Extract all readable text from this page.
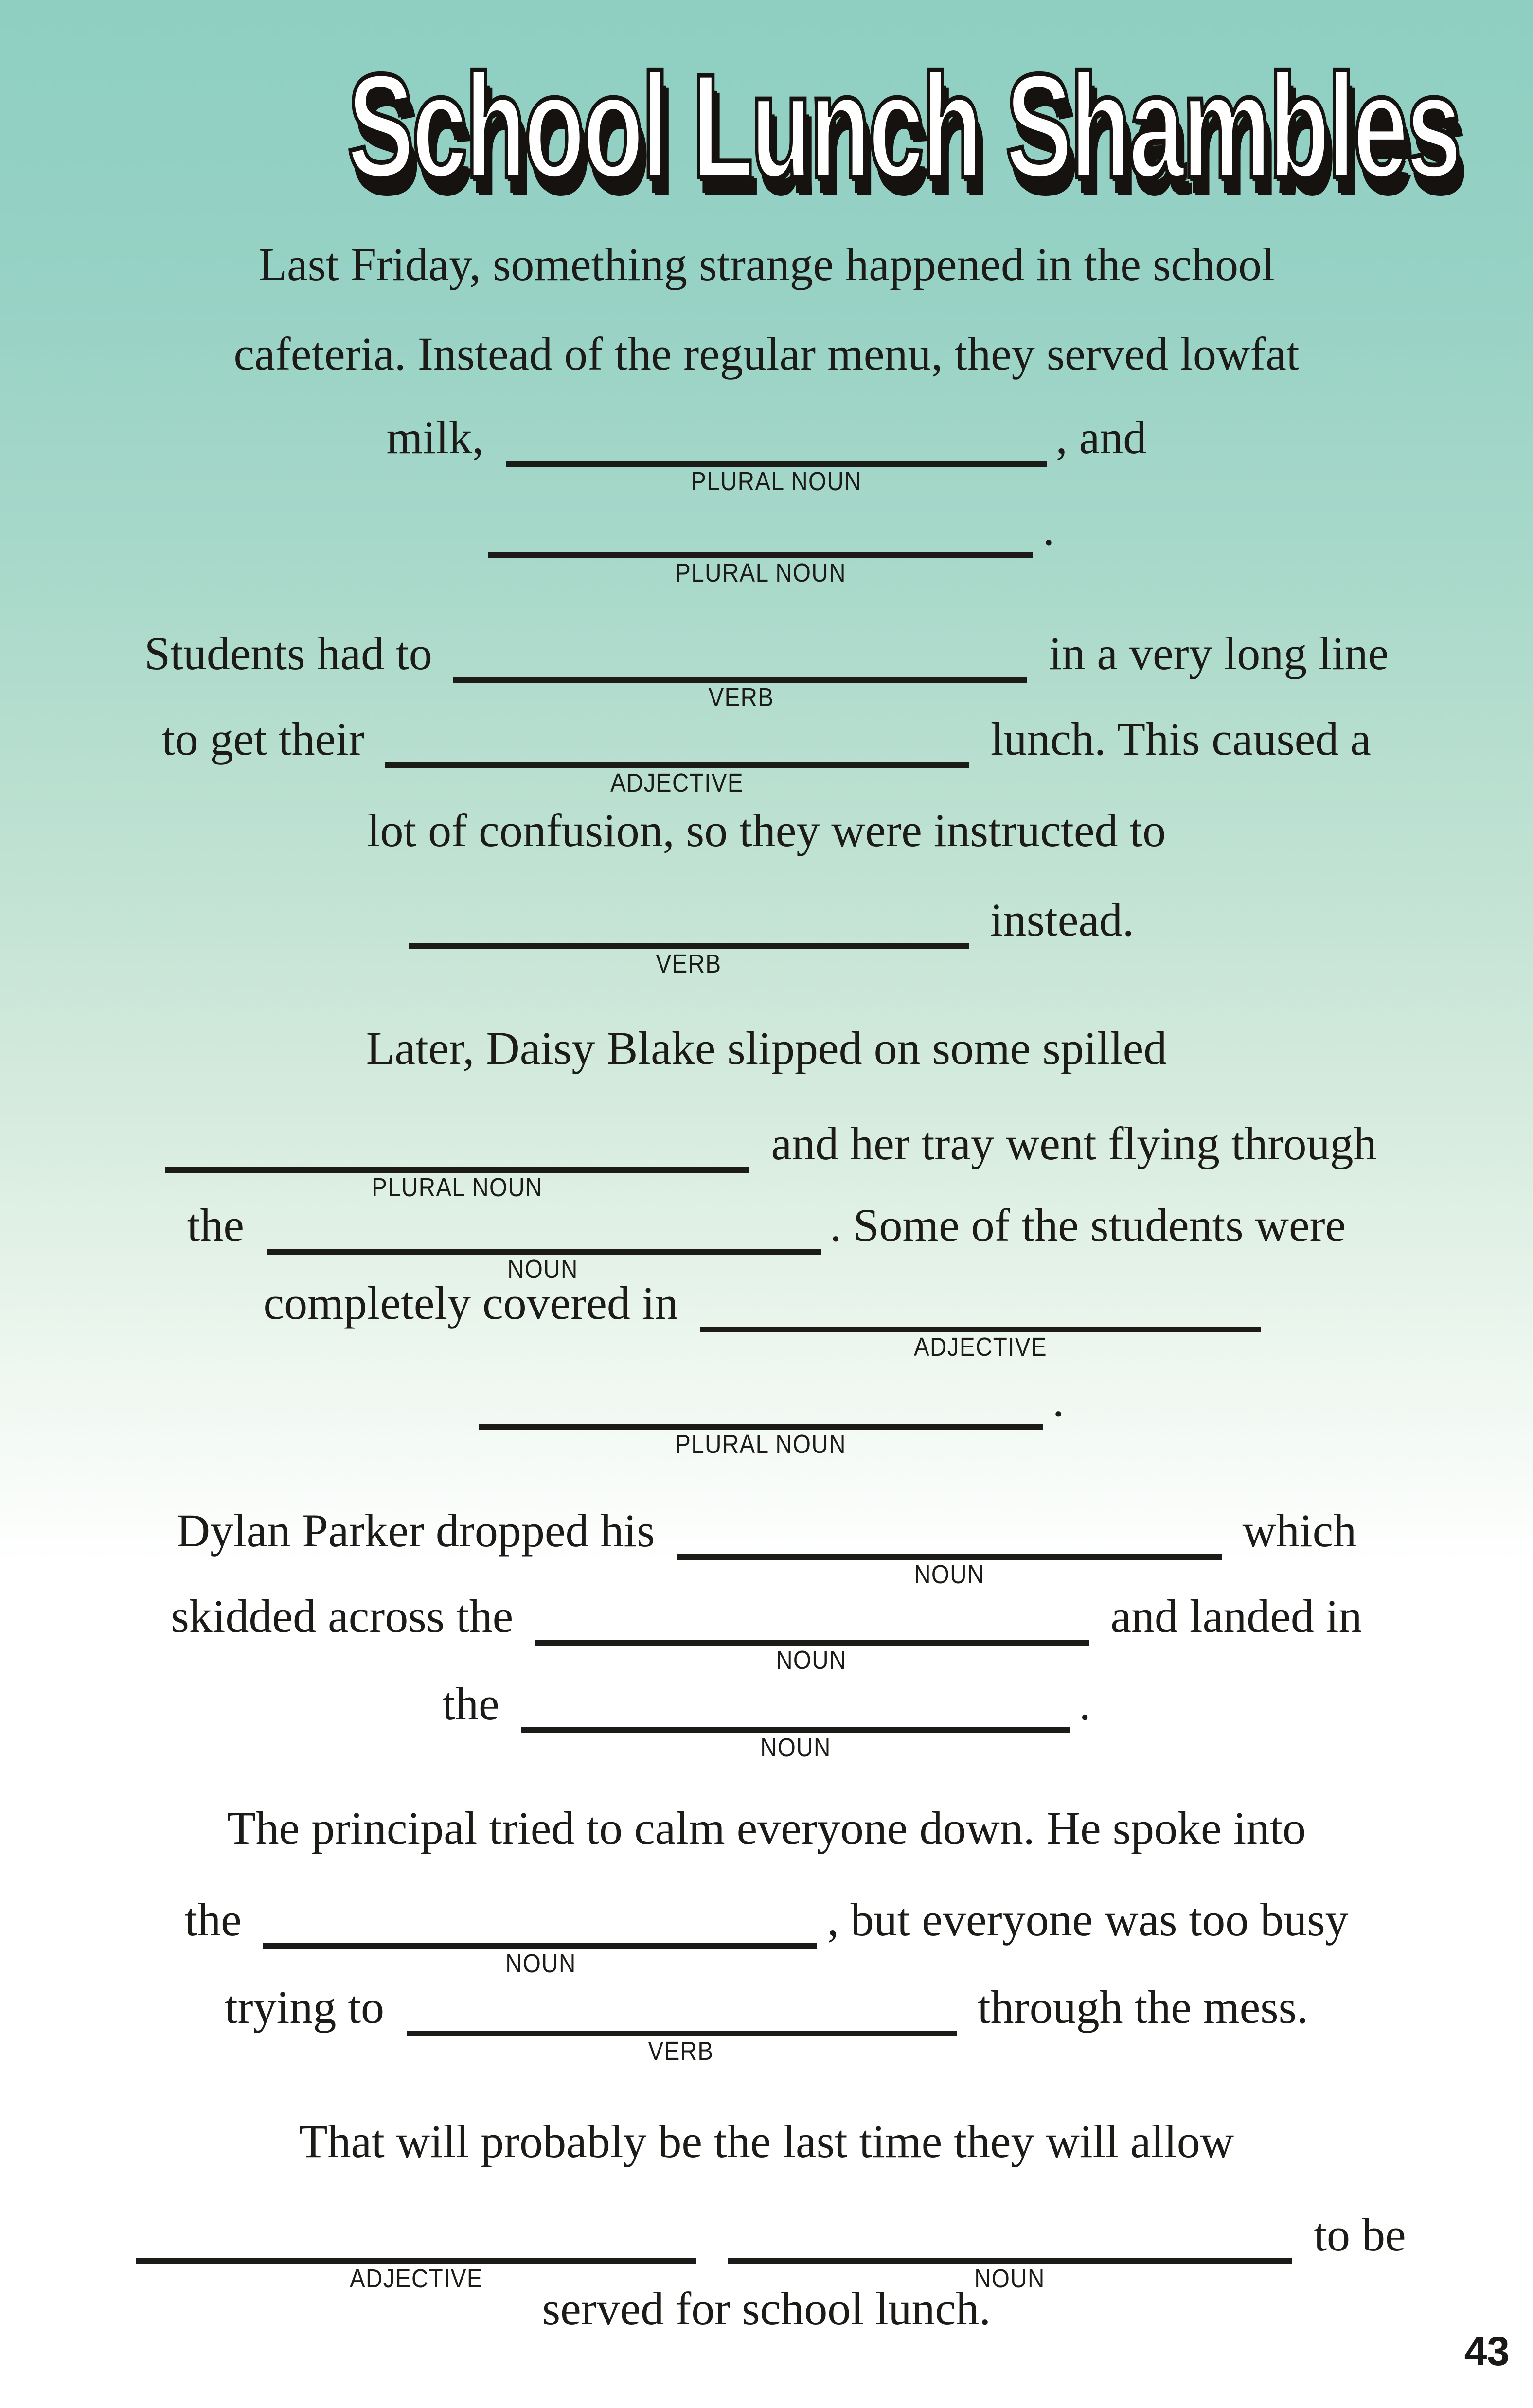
School Lunch Shambles
Last Friday, something strange happened in the school
cafeteria. Instead of the regular menu, they served lowfat
milk,
PLURAL NOUN
, and
PLURAL NOUN
.
Students had to
VERB
in a very long line
to get their
ADJECTIVE
lunch. This caused a
lot of confusion, so they were instructed to
VERB
instead.
Later, Daisy Blake slipped on some spilled
PLURAL NOUN
and her tray went flying through
the
NOUN
. Some of the students were
completely covered in
ADJECTIVE
PLURAL NOUN
.
Dylan Parker dropped his
NOUN
which
skidded across the
NOUN
and landed in
the
NOUN
.
The principal tried to calm everyone down. He spoke into
the
NOUN
, but everyone was too busy
trying to
VERB
through the mess.
That will probably be the last time they will allow
ADJECTIVE
	NOUN
to be
served for school lunch.
43
